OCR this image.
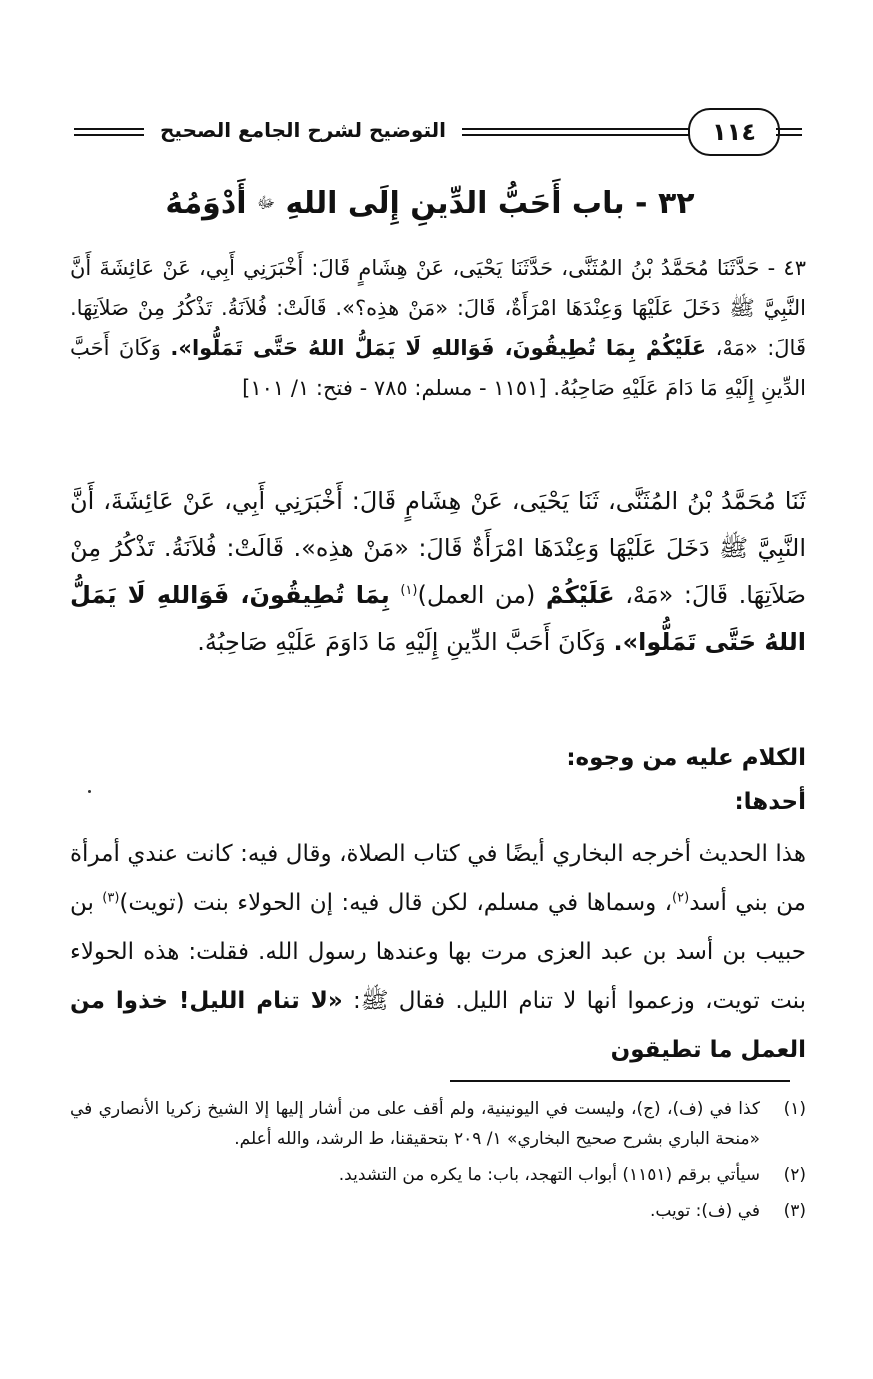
التوضيح لشرح الجامع الصحيح	١١٤
٣٢ - باب أَحَبُّ الدِّينِ إِلَى اللهِ ﷻ أَدْوَمُهُ
٤٣ - حَدَّثَنَا مُحَمَّدُ بْنُ المُثَنَّى، حَدَّثَنَا يَحْيَى، عَنْ هِشَامٍ قَالَ: أَخْبَرَنِي أَبِي، عَنْ عَائِشَةَ أَنَّ النَّبِيَّ ﷺ دَخَلَ عَلَيْهَا وَعِنْدَهَا امْرَأَةٌ، قَالَ: «مَنْ هذِه؟». قَالَتْ: فُلاَنَةُ. تَذْكُرُ مِنْ صَلاَتِهَا. قَالَ: «مَهْ، عَلَيْكُمْ بِمَا تُطِيقُونَ، فَوَاللهِ لَا يَمَلُّ اللهُ حَتَّى تَمَلُّوا». وَكَانَ أَحَبَّ الدِّينِ إِلَيْهِ مَا دَامَ عَلَيْهِ صَاحِبُهُ. [١١٥١ - مسلم: ٧٨٥ - فتح: ١/ ١٠١]
ثَنَا مُحَمَّدُ بْنُ المُثَنَّى، ثَنَا يَحْيَى، عَنْ هِشَامٍ قَالَ: أَخْبَرَنِي أَبِي، عَنْ عَائِشَةَ، أَنَّ النَّبِيَّ ﷺ دَخَلَ عَلَيْهَا وَعِنْدَهَا امْرَأَةٌ قَالَ: «مَنْ هذِه». قَالَتْ: فُلاَنَةُ. تَذْكُرُ مِنْ صَلاَتِهَا. قَالَ: «مَهْ، عَلَيْكُمْ (من العمل)$^{(١)}$ بِمَا تُطِيقُونَ، فَوَاللهِ لَا يَمَلُّ اللهُ حَتَّى تَمَلُّوا». وَكَانَ أَحَبَّ الدِّينِ إِلَيْهِ مَا دَاوَمَ عَلَيْهِ صَاحِبُهُ.
الكلام عليه من وجوه:
أحدها:
هذا الحديث أخرجه البخاري أيضًا في كتاب الصلاة، وقال فيه: كانت عندي أمرأة من بني أسد$^{(٢)}$، وسماها في مسلم، لكن قال فيه: إن الحولاء بنت (تويت)$^{(٣)}$ بن حبيب بن أسد بن عبد العزى مرت بها وعندها رسول الله. فقلت: هذه الحولاء بنت تويت، وزعموا أنها لا تنام الليل. فقال ﷺ: «لا تنام الليل! خذوا من العمل ما تطيقون
(١)
كذا في (ف)، (ج)، وليست في اليونينية، ولم أقف على من أشار إليها إلا الشيخ زكريا الأنصاري في «منحة الباري بشرح صحيح البخاري» ١/ ٢٠٩ بتحقيقنا، ط الرشد، والله أعلم.
(٢)
سيأتي برقم (١١٥١) أبواب التهجد، باب: ما يكره من التشديد.
(٣)
في (ف): تويب.
